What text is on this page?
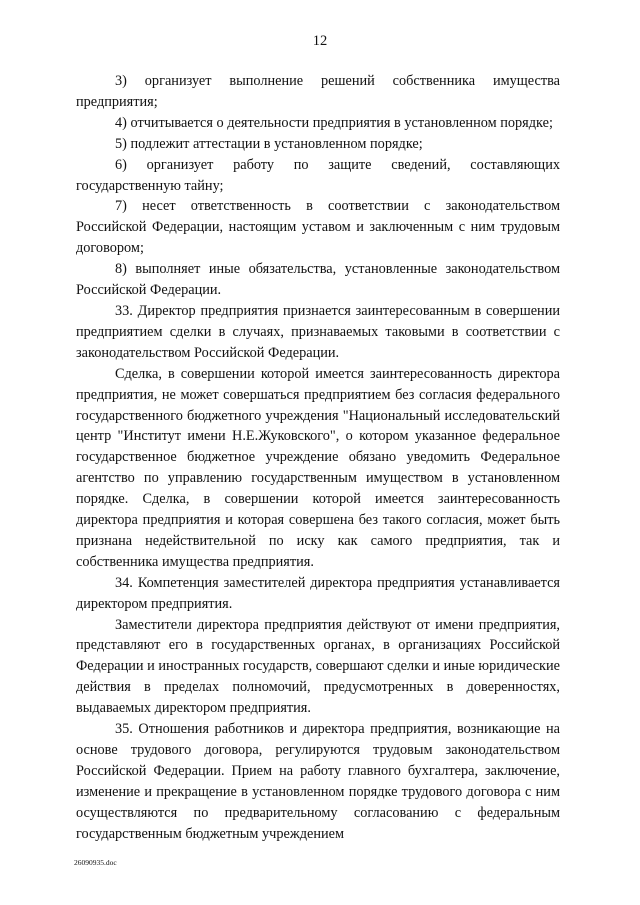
12

3) организует выполнение решений собственника имущества предприятия;

4) отчитывается о деятельности предприятия в установленном порядке;

5) подлежит аттестации в установленном порядке;

6) организует работу по защите сведений, составляющих государственную тайну;

7) несет ответственность в соответствии с законодательством Российской Федерации, настоящим уставом и заключенным с ним трудовым договором;

8) выполняет иные обязательства, установленные законодательством Российской Федерации.

33. Директор предприятия признается заинтересованным в совершении предприятием сделки в случаях, признаваемых таковыми в соответствии с законодательством Российской Федерации.

Сделка, в совершении которой имеется заинтересованность директора предприятия, не может совершаться предприятием без согласия федерального государственного бюджетного учреждения "Национальный исследовательский центр "Институт имени Н.Е.Жуковского", о котором указанное федеральное государственное бюджетное учреждение обязано уведомить Федеральное агентство по управлению государственным имуществом в установленном порядке. Сделка, в совершении которой имеется заинтересованность директора предприятия и которая совершена без такого согласия, может быть признана недействительной по иску как самого предприятия, так и собственника имущества предприятия.

34. Компетенция заместителей директора предприятия устанавливается директором предприятия.

Заместители директора предприятия действуют от имени предприятия, представляют его в государственных органах, в организациях Российской Федерации и иностранных государств, совершают сделки и иные юридические действия в пределах полномочий, предусмотренных в доверенностях, выдаваемых директором предприятия.

35. Отношения работников и директора предприятия, возникающие на основе трудового договора, регулируются трудовым законодательством Российской Федерации. Прием на работу главного бухгалтера, заключение, изменение и прекращение в установленном порядке трудового договора с ним осуществляются по предварительному согласованию с федеральным государственным бюджетным учреждением

26090935.doc
